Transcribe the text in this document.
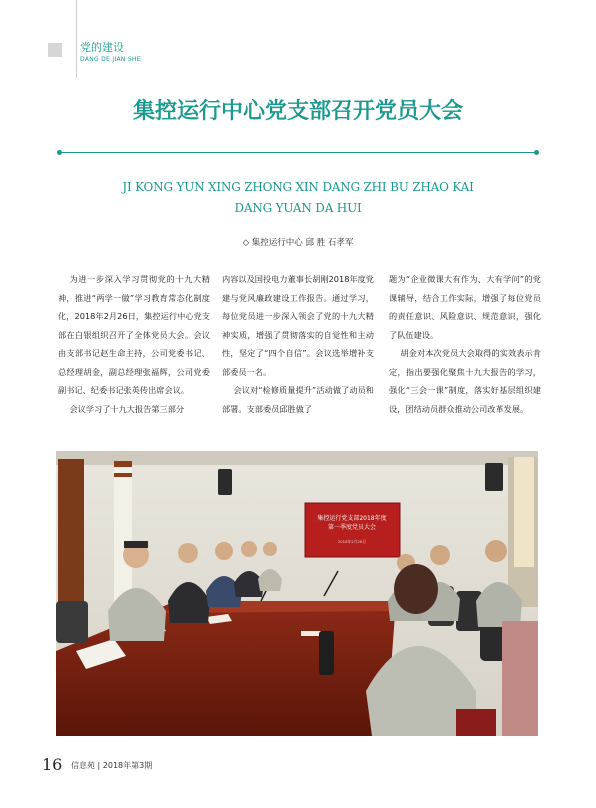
党的建设
DANG DE JIAN SHE
集控运行中心党支部召开党员大会
JI KONG YUN XING ZHONG XIN DANG ZHI BU ZHAO KAI
DANG YUAN DA HUI
◇ 集控运行中心 邱 胜 石孝军

为进一步深入学习贯彻党的十九大精神，推进“两学一做”学习教育常态化制度化，2018年2月26日，集控运行中心党支部在白银组织召开了全体党员大会。会议由支部书记赵生命主持，公司党委书记、总经理胡金，副总经理张福辉，公司党委副书记、纪委书记张英传出席会议。

会议学习了十九大报告第三部分

内容以及国投电力董事长胡刚2018年度党建与党风廉政建设工作报告。通过学习，每位党员进一步深入领会了党的十九大精神实质，增强了贯彻落实的自觉性和主动性，坚定了“四个自信”。会议选举增补支部委员一名。

会议对“检修质量提升”活动做了动员和部署。支部委员邱胜做了

题为“企业微课大有作为、大有学问”的党课辅导，结合工作实际，增强了每位党员的责任意识、风险意识、规范意识，强化了队伍建设。

胡金对本次党员大会取得的实效表示肯定，指出要强化聚焦十九大报告的学习，强化“三会一课”制度，落实好基层组织建设，团结动员群众推动公司改革发展。

集控运行党支部2018年度
第一季度党员大会
2018年2月26日
16 信息苑 | 2018年第3期
